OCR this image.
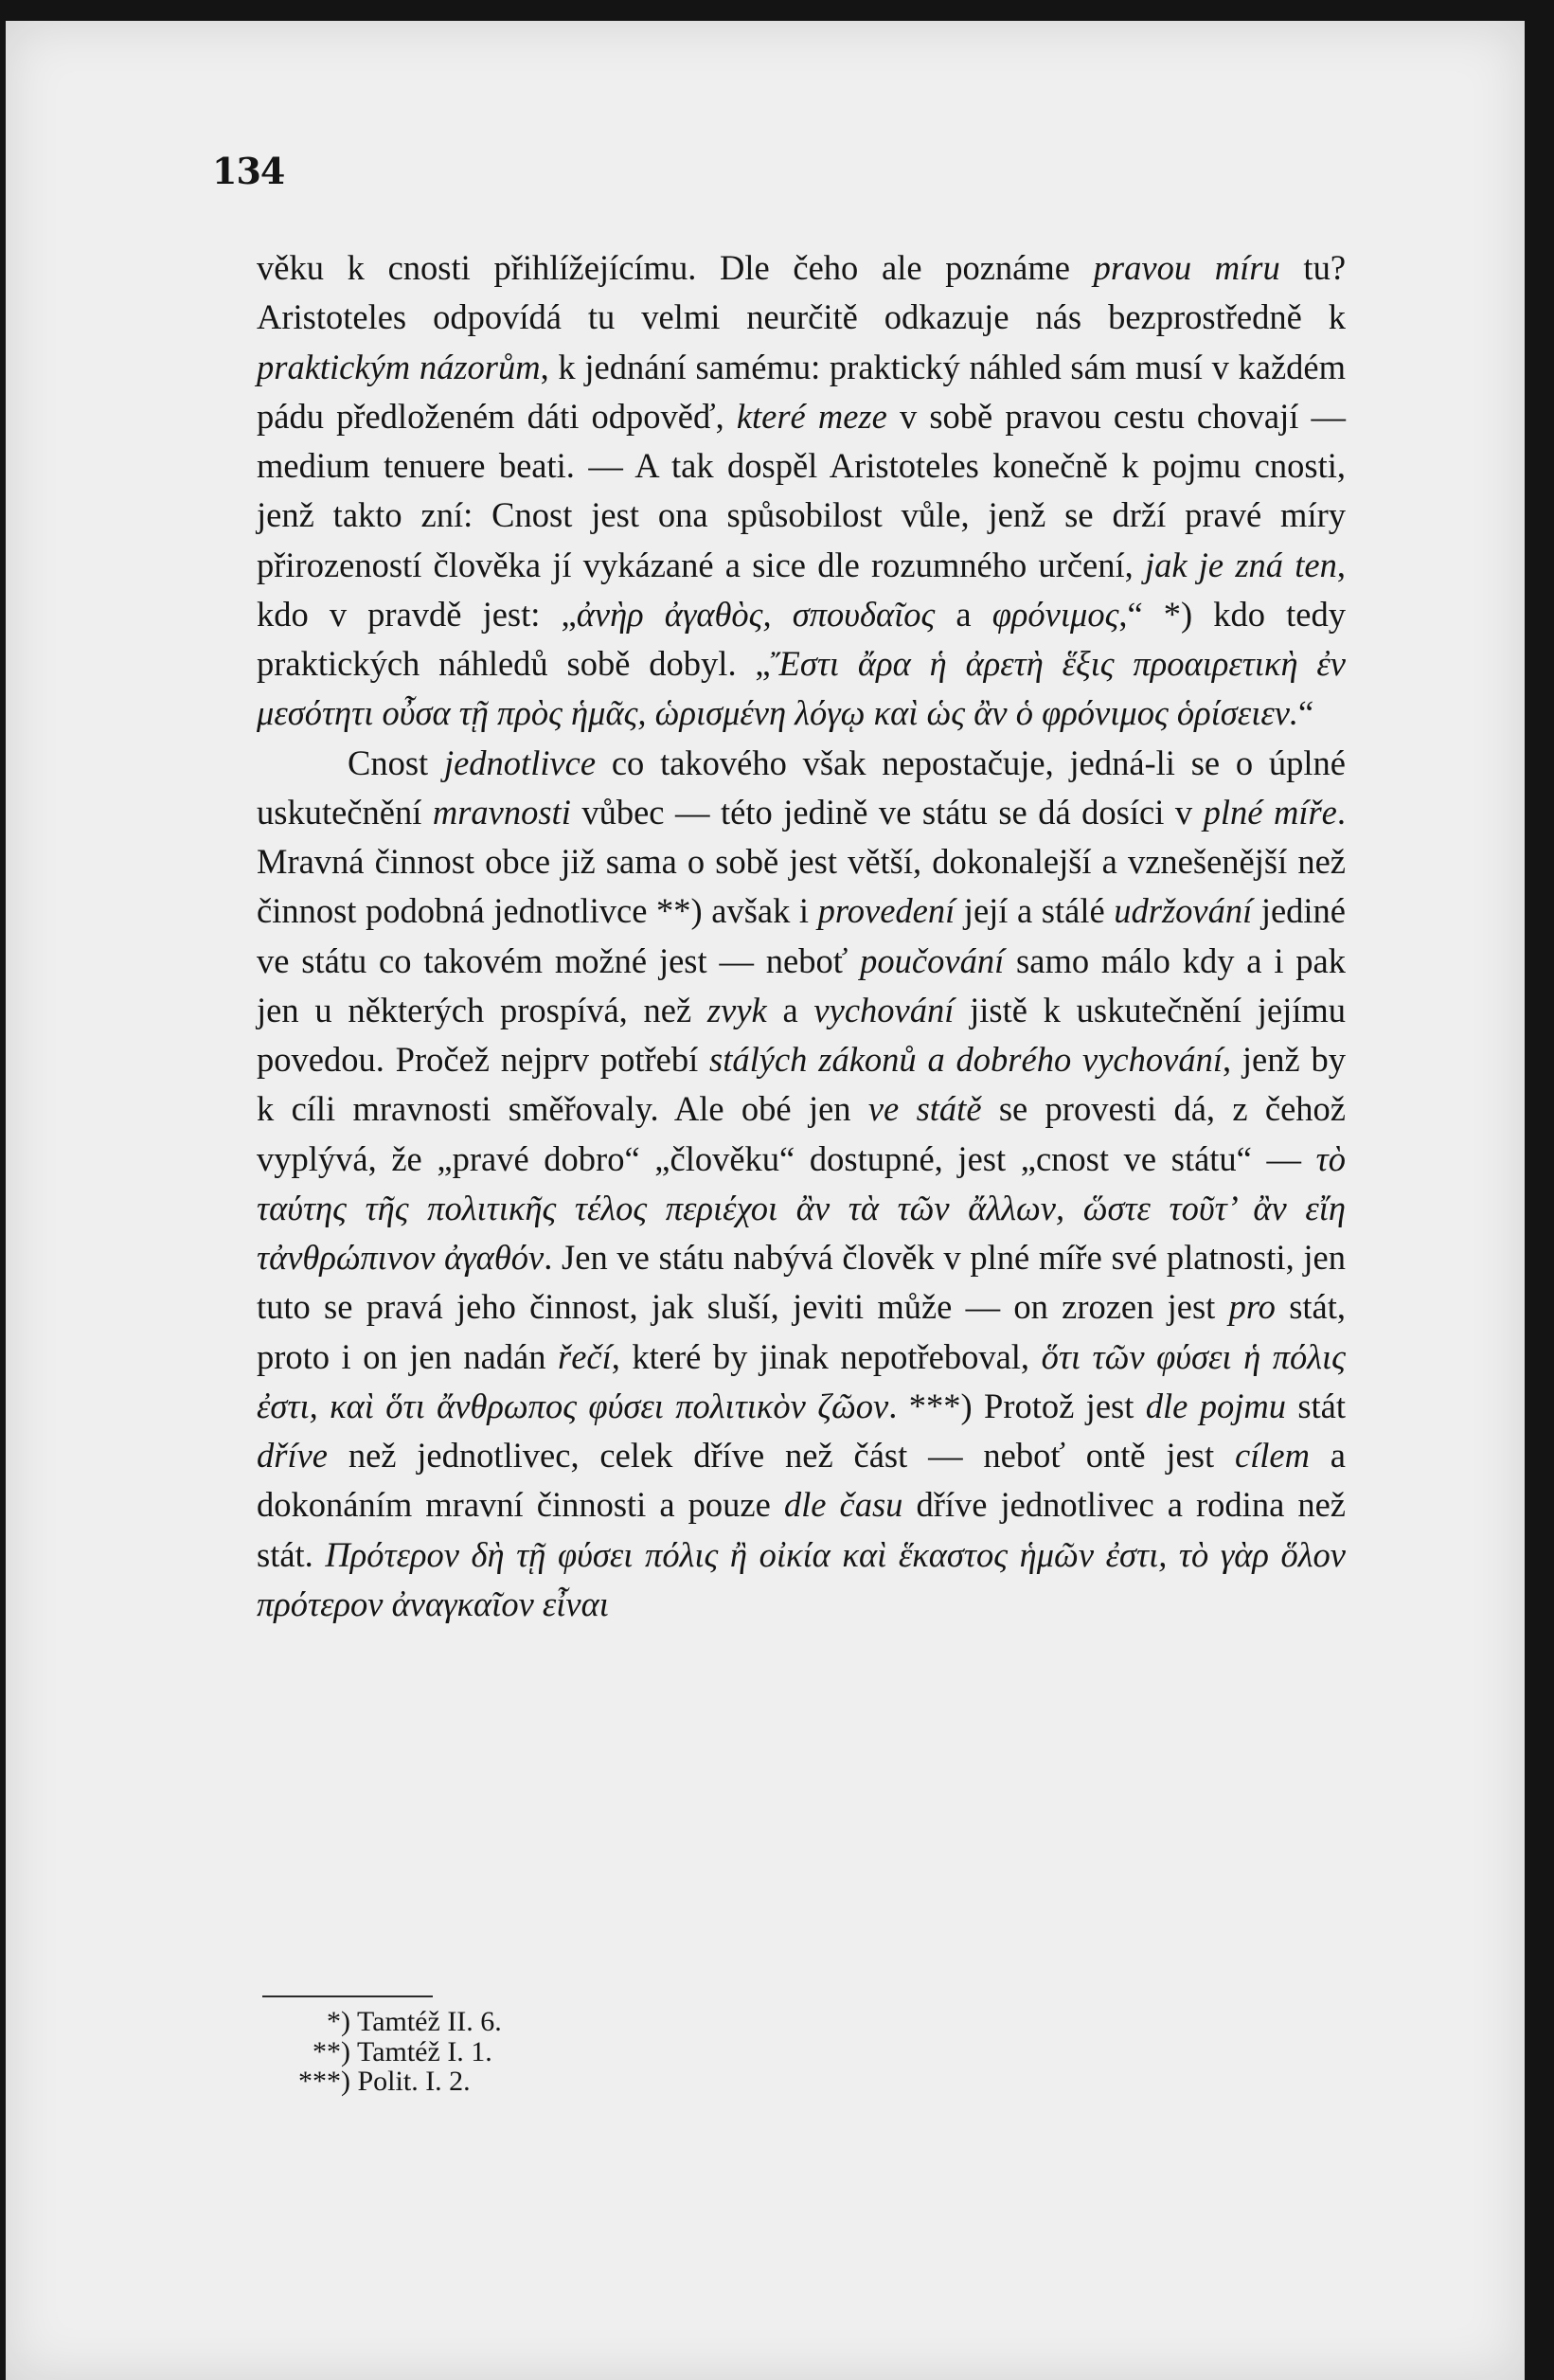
134

věku k cnosti přihlížejícímu. Dle čeho ale poznáme pravou míru tu? Aristoteles odpovídá tu velmi neurčitě odkazuje nás bezprostředně k praktickým názorům, k jednání samému: praktický náhled sám musí v každém pádu předloženém dáti odpověď, které meze v sobě pravou cestu chovají — medium tenuere beati. — A tak dospěl Aristoteles konečně k pojmu cnosti, jenž takto zní: Cnost jest ona spůsobilost vůle, jenž se drží pravé míry přirozeností člověka jí vykázané a sice dle rozumného určení, jak je zná ten, kdo v pravdě jest: „ἀνὴρ ἀγαθὸς, σπουδαῖος a φρόνιμος,“ *) kdo tedy praktických náhledů sobě dobyl. „Ἔστι ἄρα ἡ ἀρετὴ ἕξις προαιρετικὴ ἐν μεσότητι οὖσα τῇ πρὸς ἡμᾶς, ὡρισμένη λόγῳ καὶ ὡς ἂν ὁ φρόνιμος ὁρίσειεν.“

Cnost jednotlivce co takového však nepostačuje, jedná-li se o úplné uskutečnění mravnosti vůbec — této jedině ve státu se dá dosíci v plné míře. Mravná činnost obce již sama o sobě jest větší, dokonalejší a vznešenější než činnost podobná jednotlivce **) avšak i provedení její a stálé udržování jediné ve státu co takovém možné jest — neboť poučování samo málo kdy a i pak jen u některých prospívá, než zvyk a vychování jistě k uskutečnění jejímu povedou. Pročež nejprv potřebí stálých zákonů a dobrého vychování, jenž by k cíli mravnosti směřovaly. Ale obé jen ve státě se provesti dá, z čehož vyplývá, že „pravé dobro“ „člověku“ dostupné, jest „cnost ve státu“ — τὸ ταύτης τῆς πολιτικῆς τέλος περιέχοι ἂν τὰ τῶν ἄλλων, ὥστε τοῦτ’ ἂν εἴη τἀνθρώπινον ἀγαθόν. Jen ve státu nabývá člověk v plné míře své platnosti, jen tuto se pravá jeho činnost, jak sluší, jeviti může — on zrozen jest pro stát, proto i on jen nadán řečí, které by jinak nepotřeboval, ὅτι τῶν φύσει ἡ πόλις ἐστι, καὶ ὅτι ἄνθρωπος φύσει πολιτικὸν ζῶον. ***) Protož jest dle pojmu stát dříve než jednotlivec, celek dříve než část — neboť ontě jest cílem a dokonáním mravní činnosti a pouze dle času dříve jednotlivec a rodina než stát. Πρότερον δὴ τῇ φύσει πόλις ἢ οἰκία καὶ ἕκαστος ἡμῶν ἐστι, τὸ γὰρ ὅλον πρότερον ἀναγκαῖον εἶναι

*) Tamtéž II. 6.
**) Tamtéž I. 1.
***) Polit. I. 2.
